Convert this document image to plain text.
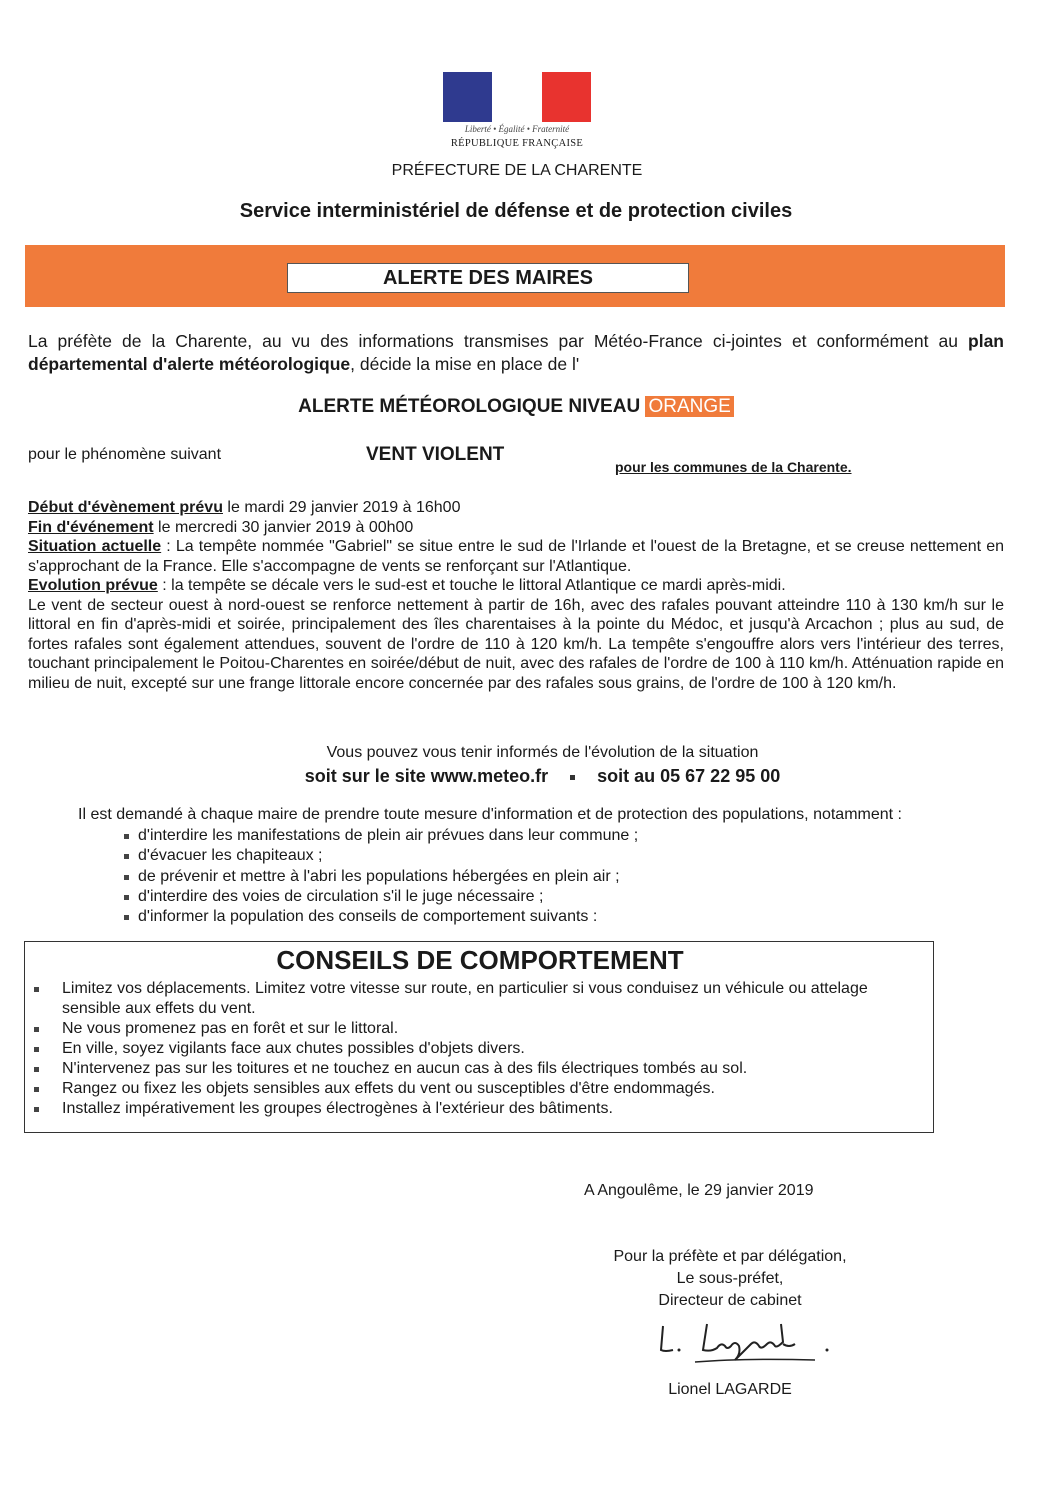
Liberté • Égalité • Fraternité
RÉPUBLIQUE FRANÇAISE
PRÉFECTURE DE LA CHARENTE
Service interministériel de défense et de protection civiles
ALERTE DES MAIRES
La préfète de la Charente, au vu des informations transmises par Météo-France ci-jointes et conformément au plan départemental d'alerte météorologique, décide la mise en place de l'
ALERTE MÉTÉOROLOGIQUE NIVEAU ORANGE
pour le phénomène suivant	VENT VIOLENT
pour les communes de la Charente.

Début d'évènement prévu le mardi 29 janvier 2019 à 16h00

Fin d'événement le mercredi 30 janvier 2019 à 00h00

Situation actuelle : La tempête nommée "Gabriel" se situe entre le sud de l'Irlande et l'ouest de la Bretagne, et se creuse nettement en s'approchant de la France. Elle s'accompagne de vents se renforçant sur l'Atlantique.

Evolution prévue : la tempête se décale vers le sud-est et touche le littoral Atlantique ce mardi après-midi.

Le vent de secteur ouest à nord-ouest se renforce nettement à partir de 16h, avec des rafales pouvant atteindre 110 à 130 km/h sur le littoral en fin d'après-midi et soirée, principalement des îles charentaises à la pointe du Médoc, et jusqu'à Arcachon ; plus au sud, de fortes rafales sont également attendues, souvent de l'ordre de 110 à 120 km/h. La tempête s'engouffre alors vers l'intérieur des terres, touchant principalement le Poitou-Charentes en soirée/début de nuit, avec des rafales de l'ordre de 100 à 110 km/h. Atténuation rapide en milieu de nuit, excepté sur une frange littorale encore concernée par des rafales sous grains, de l'ordre de 100 à 120 km/h.

Vous pouvez vous tenir informés de l'évolution de la situation
soit sur le site www.meteo.fr	soit au 05 67 22 95 00
Il est demandé à chaque maire de prendre toute mesure d'information et de protection des populations, notamment :
d'interdire les manifestations de plein air prévues dans leur commune ;
d'évacuer les chapiteaux ;
de prévenir et mettre à l'abri les populations hébergées en plein air ;
d'interdire des voies de circulation s'il le juge nécessaire ;
d'informer la population des conseils de comportement suivants :
CONSEILS DE COMPORTEMENT
Limitez vos déplacements. Limitez votre vitesse sur route, en particulier si vous conduisez un véhicule ou attelage sensible aux effets du vent.
Ne vous promenez pas en forêt et sur le littoral.
En ville, soyez vigilants face aux chutes possibles d'objets divers.
N'intervenez pas sur les toitures et ne touchez en aucun cas à des fils électriques tombés au sol.
Rangez ou fixez les objets sensibles aux effets du vent ou susceptibles d'être endommagés.
Installez impérativement les groupes électrogènes à l'extérieur des bâtiments.
A Angoulême, le 29 janvier 2019
Pour la préfète et par délégation,
Le sous-préfet,
Directeur de cabinet
Lionel LAGARDE
